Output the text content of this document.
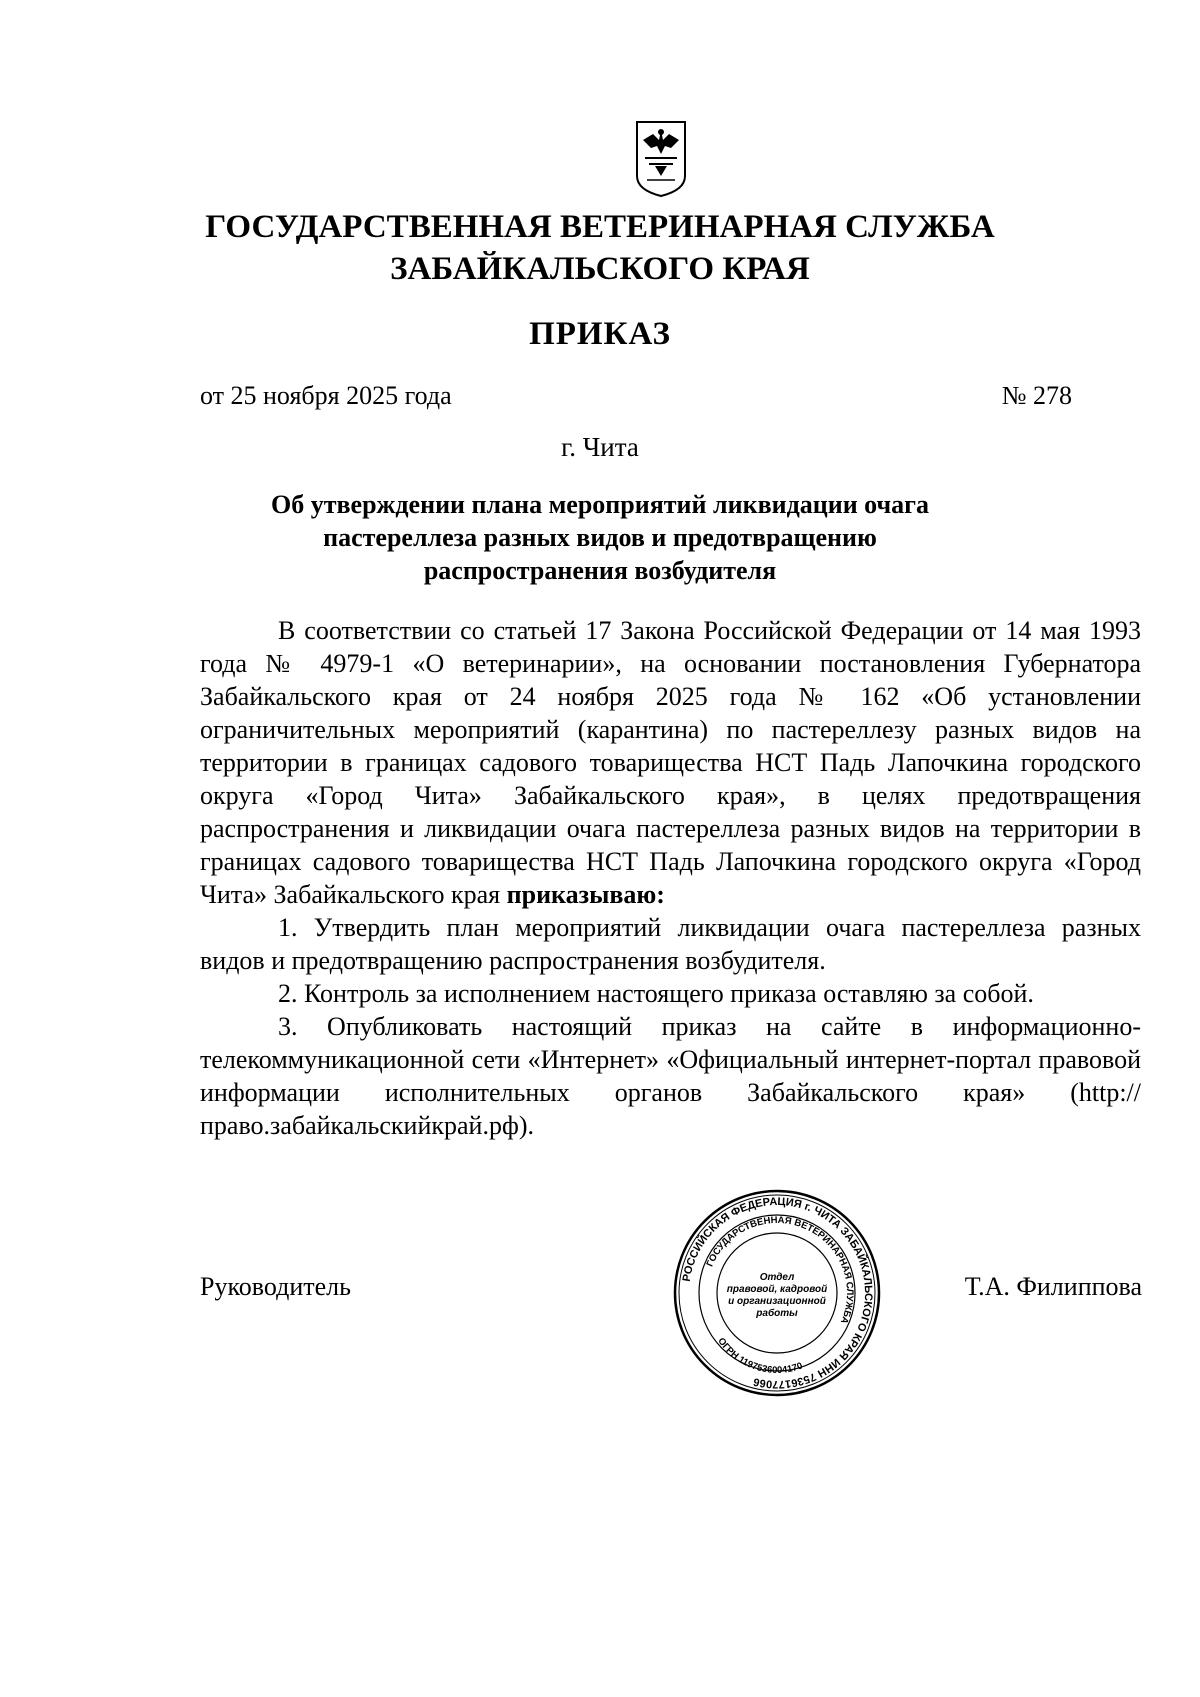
ГОСУДАРСТВЕННАЯ ВЕТЕРИНАРНАЯ СЛУЖБА
ЗАБАЙКАЛЬСКОГО КРАЯ
ПРИКАЗ
от 25 ноября 2025 года	№ 278
г. Чита
Об утверждении плана мероприятий ликвидации очага пастереллеза разных видов и предотвращению распространения возбудителя

В соответствии со статьей 17 Закона Российской Федерации от 14 мая 1993 года № 4979-1 «О ветеринарии», на основании постановления Губернатора Забайкальского края от 24 ноября 2025 года № 162 «Об установлении ограничительных мероприятий (карантина) по пастереллезу разных видов на территории в границах садового товарищества НСТ Падь Лапочкина городского округа «Город Чита» Забайкальского края», в целях предотвращения распространения и ликвидации очага пастереллеза разных видов на территории в границах садового товарищества НСТ Падь Лапочкина городского округа «Город Чита» Забайкальского края приказываю:

1. Утвердить план мероприятий ликвидации очага пастереллеза разных видов и предотвращению распространения возбудителя.

2. Контроль за исполнением настоящего приказа оставляю за собой.

3. Опубликовать настоящий приказ на сайте в информационно-телекоммуникационной сети «Интернет» «Официальный интернет-портал правовой информации исполнительных органов Забайкальского края» (http://право.забайкальскийкрай.рф).

Руководитель	РОССИЙСКАЯ ФЕДЕРАЦИЯ г. ЧИТА ЗАБАЙКАЛЬСКОГО КРАЯ ИНН 7536177066
ГОСУДАРСТВЕННАЯ ВЕТЕРИНАРНАЯ СЛУЖБА
ОГРН 1197536004170
Отдел
правовой, кадровой
и организационной
работы
Т.А. Филиппова
